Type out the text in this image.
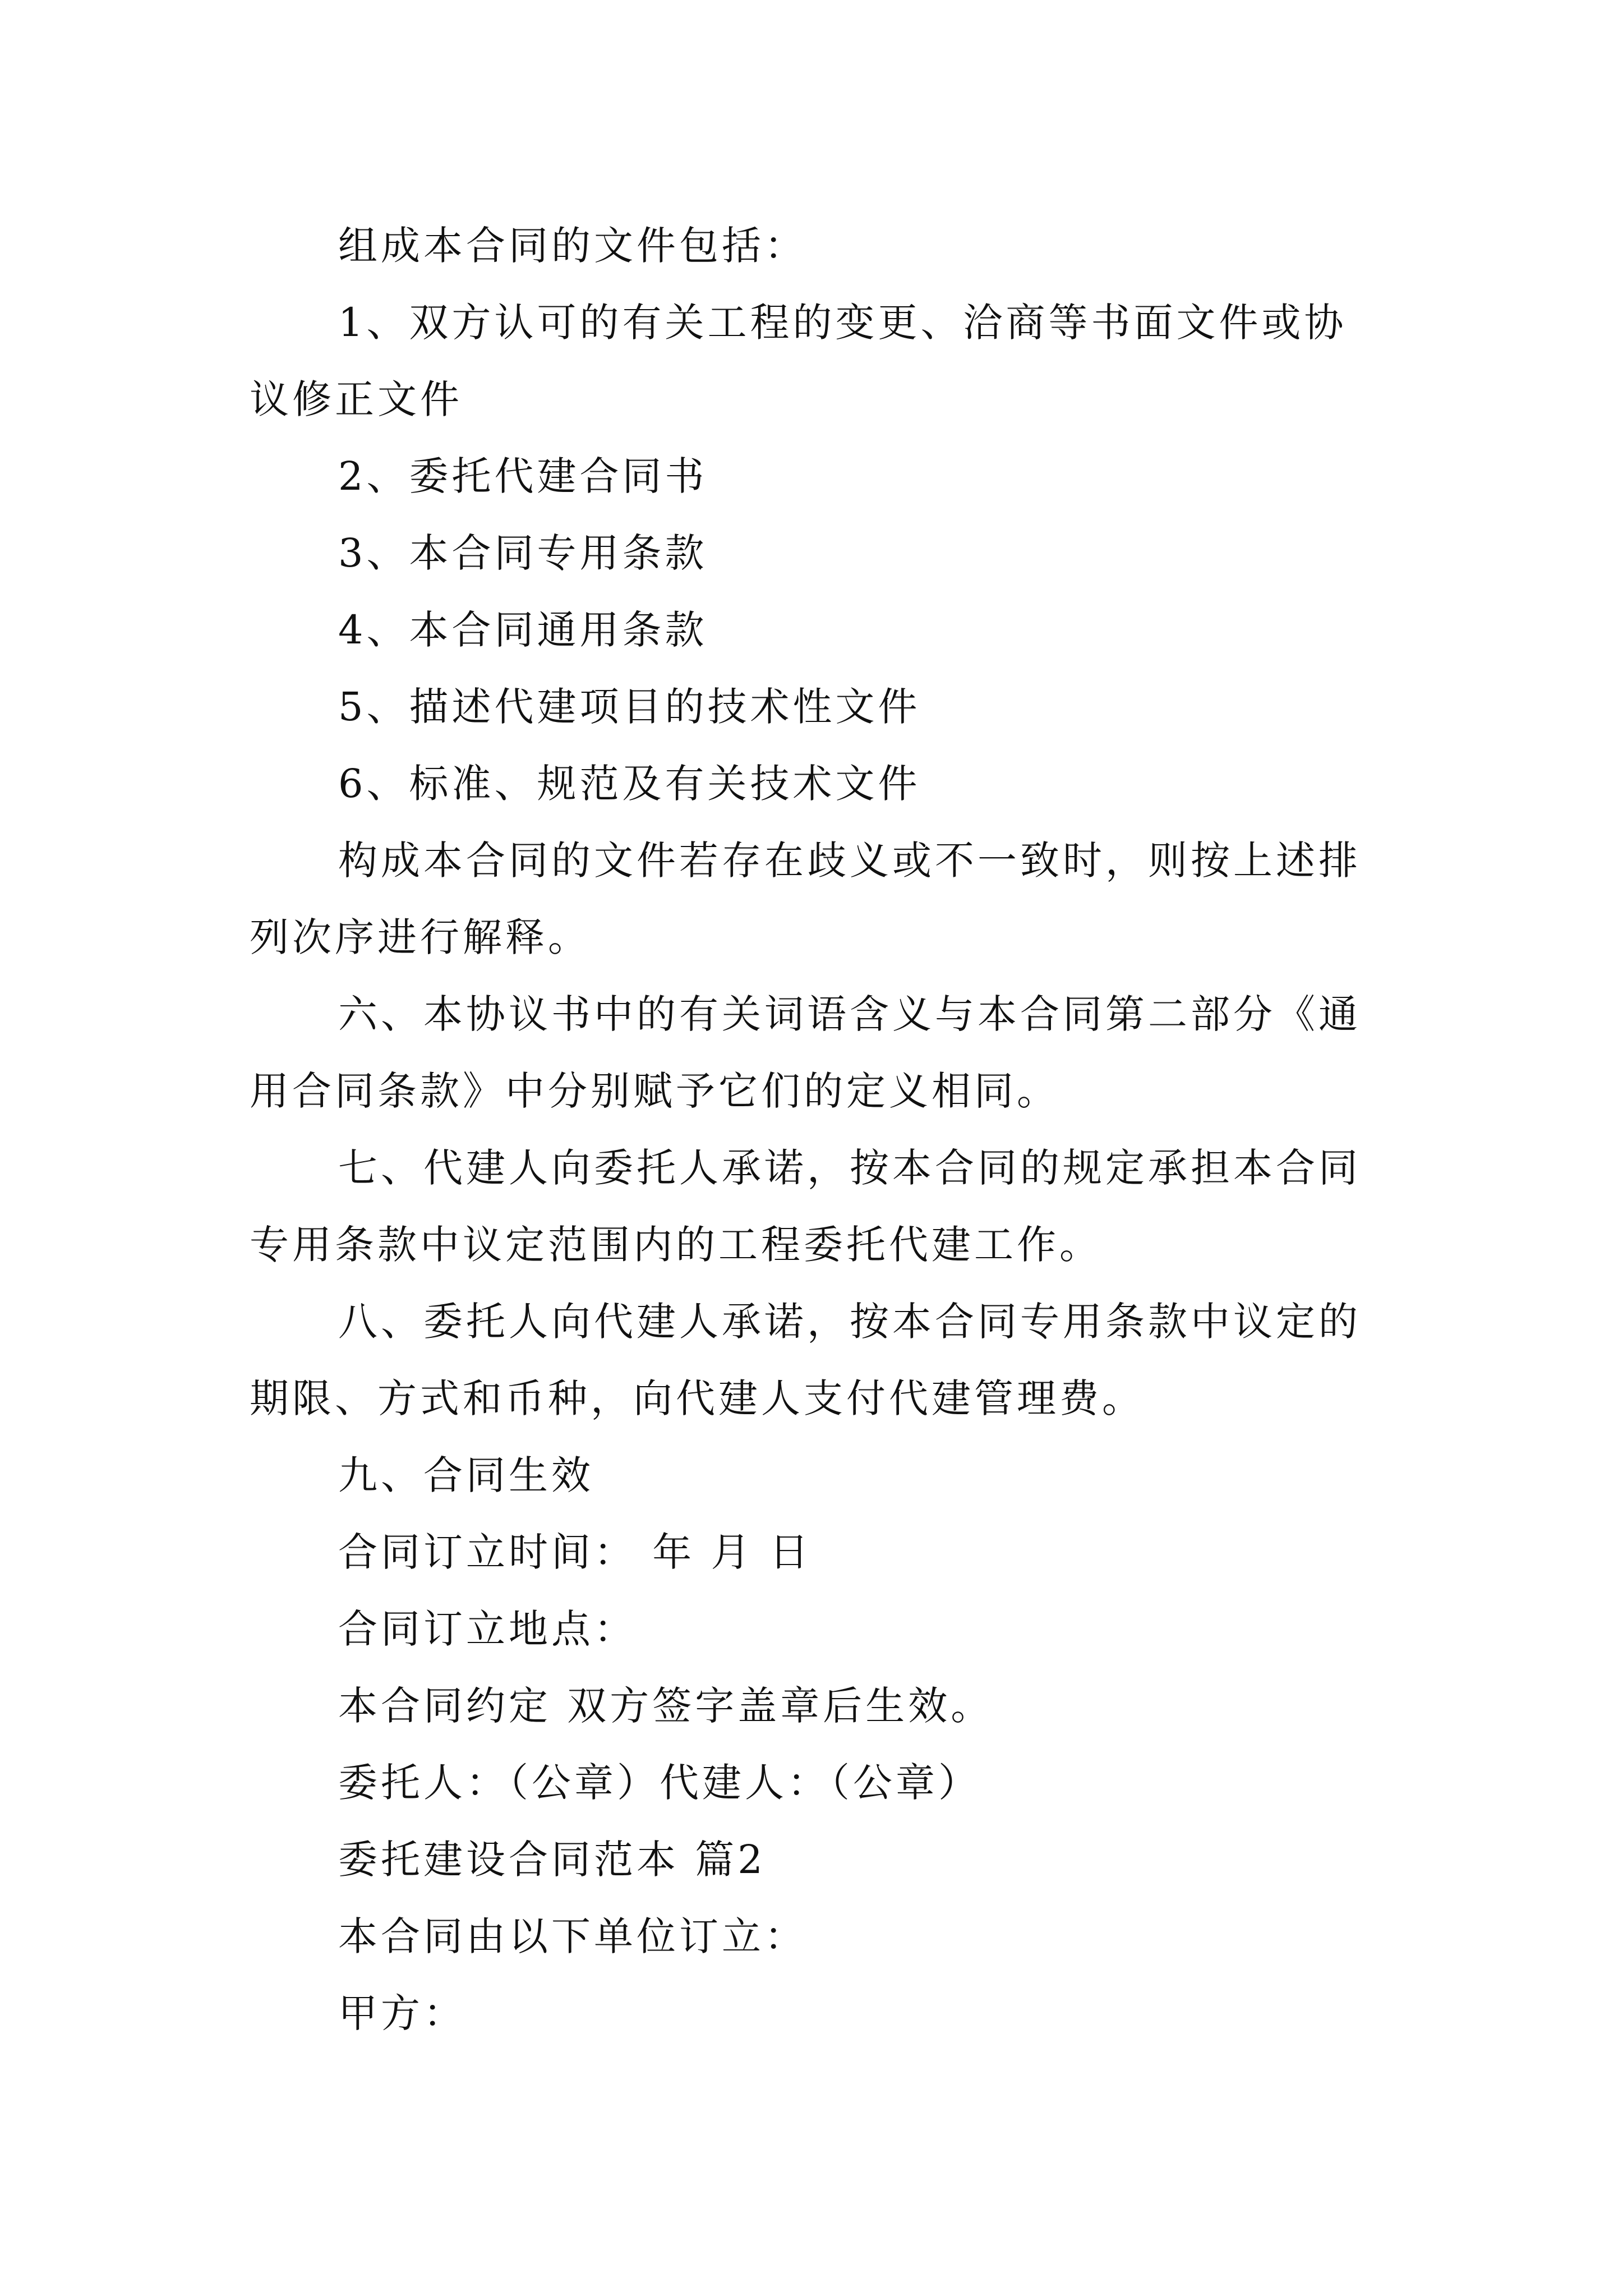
组成本合同的文件包括：

1、双方认可的有关工程的变更、洽商等书面文件或协议修正文件

2、委托代建合同书

3、本合同专用条款

4、本合同通用条款

5、描述代建项目的技术性文件

6、标准、规范及有关技术文件

构成本合同的文件若存在歧义或不一致时，则按上述排列次序进行解释。

六、本协议书中的有关词语含义与本合同第二部分《通用合同条款》中分别赋予它们的定义相同。

七、代建人向委托人承诺，按本合同的规定承担本合同专用条款中议定范围内的工程委托代建工作。

八、委托人向代建人承诺，按本合同专用条款中议定的期限、方式和币种，向代建人支付代建管理费。

九、合同生效

合同订立时间： 年 月 日

合同订立地点：

本合同约定 双方签字盖章后生效。

委托人：（公章）代建人：（公章）

委托建设合同范本 篇2

本合同由以下单位订立：

甲方：
